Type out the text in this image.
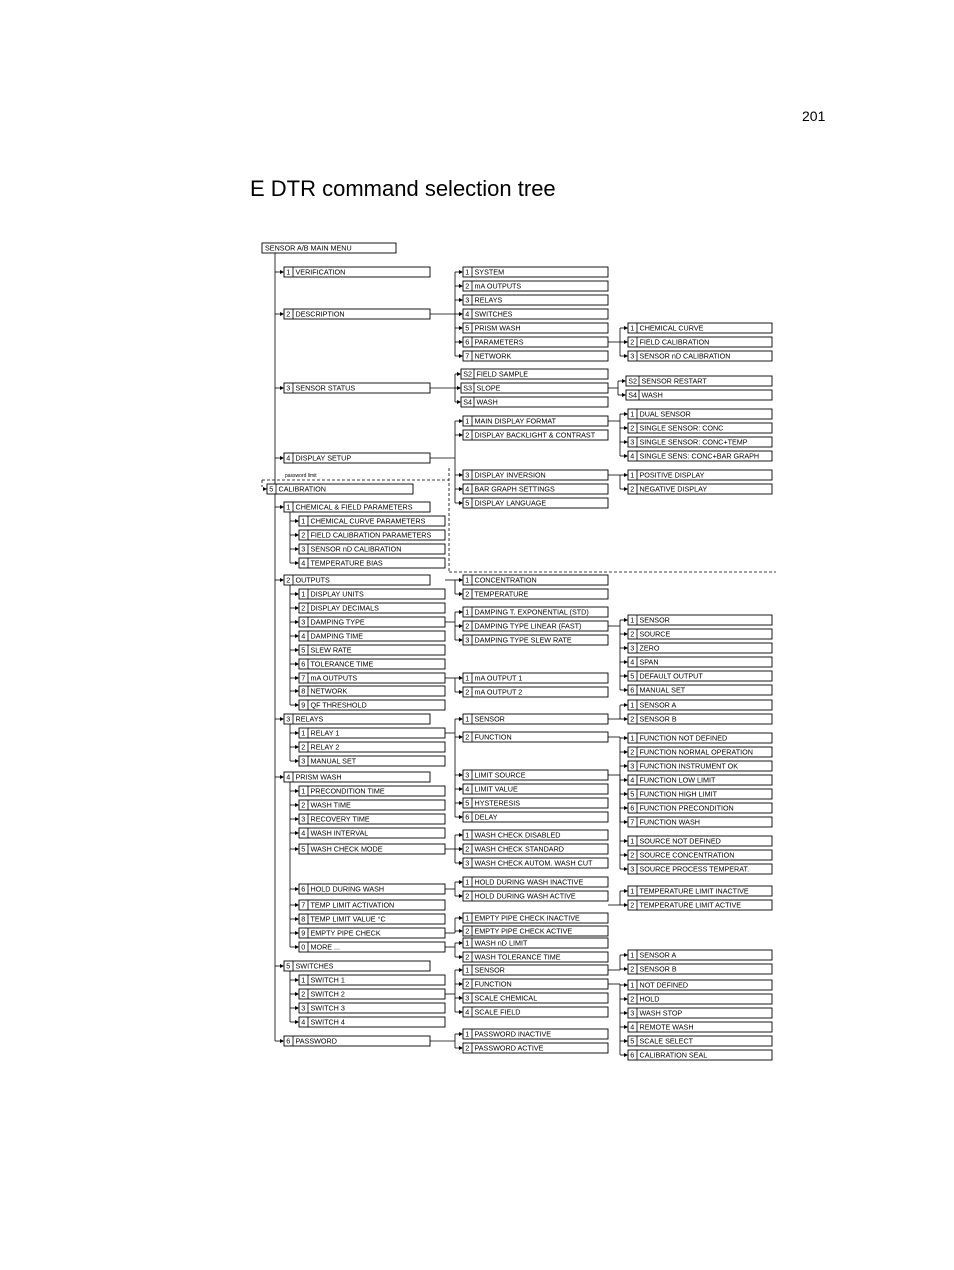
201
E DTR command selection tree
1 VERIFICATION
2 DESCRIPTION
3 SENSOR STATUS
4 DISPLAY SETUP
5 CALIBRATION
1 CHEMICAL & FIELD PARAMETERS
1 CHEMICAL CURVE PARAMETERS
2 FIELD CALIBRATION PARAMETERS
3 SENSOR nD CALIBRATION
4 TEMPERATURE BIAS
2 OUTPUTS
1 DISPLAY UNITS
2 DISPLAY DECIMALS
3 DAMPING TYPE
4 DAMPING TIME
5 SLEW RATE
6 TOLERANCE TIME
7 mA OUTPUTS
8 NETWORK
9 QF THRESHOLD
3 RELAYS
1 RELAY 1
2 RELAY 2
3 MANUAL SET
4 PRISM WASH
1 PRECONDITION TIME
2 WASH TIME
3 RECOVERY TIME
4 WASH INTERVAL
5 WASH CHECK MODE
6 HOLD DURING WASH
7 TEMP LIMIT ACTIVATION
8 TEMP LIMIT VALUE °C
9 EMPTY PIPE CHECK
0 MORE ...
5 SWITCHES
1 SWITCH 1
2 SWITCH 2
3 SWITCH 3
4 SWITCH 4
6 PASSWORD
1 SYSTEM
2 mA OUTPUTS
3 RELAYS
4 SWITCHES
5 PRISM WASH
6 PARAMETERS
7 NETWORK
S2 FIELD SAMPLE
S3 SLOPE
S4 WASH
1 MAIN DISPLAY FORMAT
2 DISPLAY BACKLIGHT & CONTRAST
3 DISPLAY INVERSION
4 BAR GRAPH SETTINGS
5 DISPLAY LANGUAGE
1 CONCENTRATION
2 TEMPERATURE
1 DAMPING T. EXPONENTIAL (STD)
2 DAMPING TYPE LINEAR (FAST)
3 DAMPING TYPE SLEW RATE
1 mA OUTPUT 1
2 mA OUTPUT 2
1 SENSOR
2 FUNCTION
3 LIMIT SOURCE
4 LIMIT VALUE
5 HYSTERESIS
6 DELAY
1 WASH CHECK DISABLED
2 WASH CHECK STANDARD
3 WASH CHECK AUTOM. WASH CUT
1 HOLD DURING WASH INACTIVE
2 HOLD DURING WASH ACTIVE
1 EMPTY PIPE CHECK INACTIVE
2 EMPTY PIPE CHECK ACTIVE
1 WASH nD LIMIT
2 WASH TOLERANCE TIME
1 SENSOR
2 FUNCTION
3 SCALE CHEMICAL
4 SCALE FIELD
1 PASSWORD INACTIVE
2 PASSWORD ACTIVE
1 CHEMICAL CURVE
2 FIELD CALIBRATION
3 SENSOR nD CALIBRATION
S2 SENSOR RESTART
S4 WASH
1 DUAL SENSOR
2 SINGLE SENSOR: CONC
3 SINGLE SENSOR: CONC+TEMP
4 SINGLE SENS: CONC+BAR GRAPH
1 POSITIVE DISPLAY
2 NEGATIVE DISPLAY
1 SENSOR
2 SOURCE
3 ZERO
4 SPAN
5 DEFAULT OUTPUT
6 MANUAL SET
1 SENSOR A
2 SENSOR B
1 FUNCTION NOT DEFINED
2 FUNCTION NORMAL OPERATION
3 FUNCTION INSTRUMENT OK
4 FUNCTION LOW LIMIT
5 FUNCTION HIGH LIMIT
6 FUNCTION PRECONDITION
7 FUNCTION WASH
1 SOURCE NOT DEFINED
2 SOURCE CONCENTRATION
3 SOURCE PROCESS TEMPERAT.
1 TEMPERATURE LIMIT INACTIVE
2 TEMPERATURE LIMIT ACTIVE
1 SENSOR A
2 SENSOR B
1 NOT DEFINED
2 HOLD
3 WASH STOP
4 REMOTE WASH
5 SCALE SELECT
6 CALIBRATION SEAL
SENSOR A/B MAIN MENU
password limit
